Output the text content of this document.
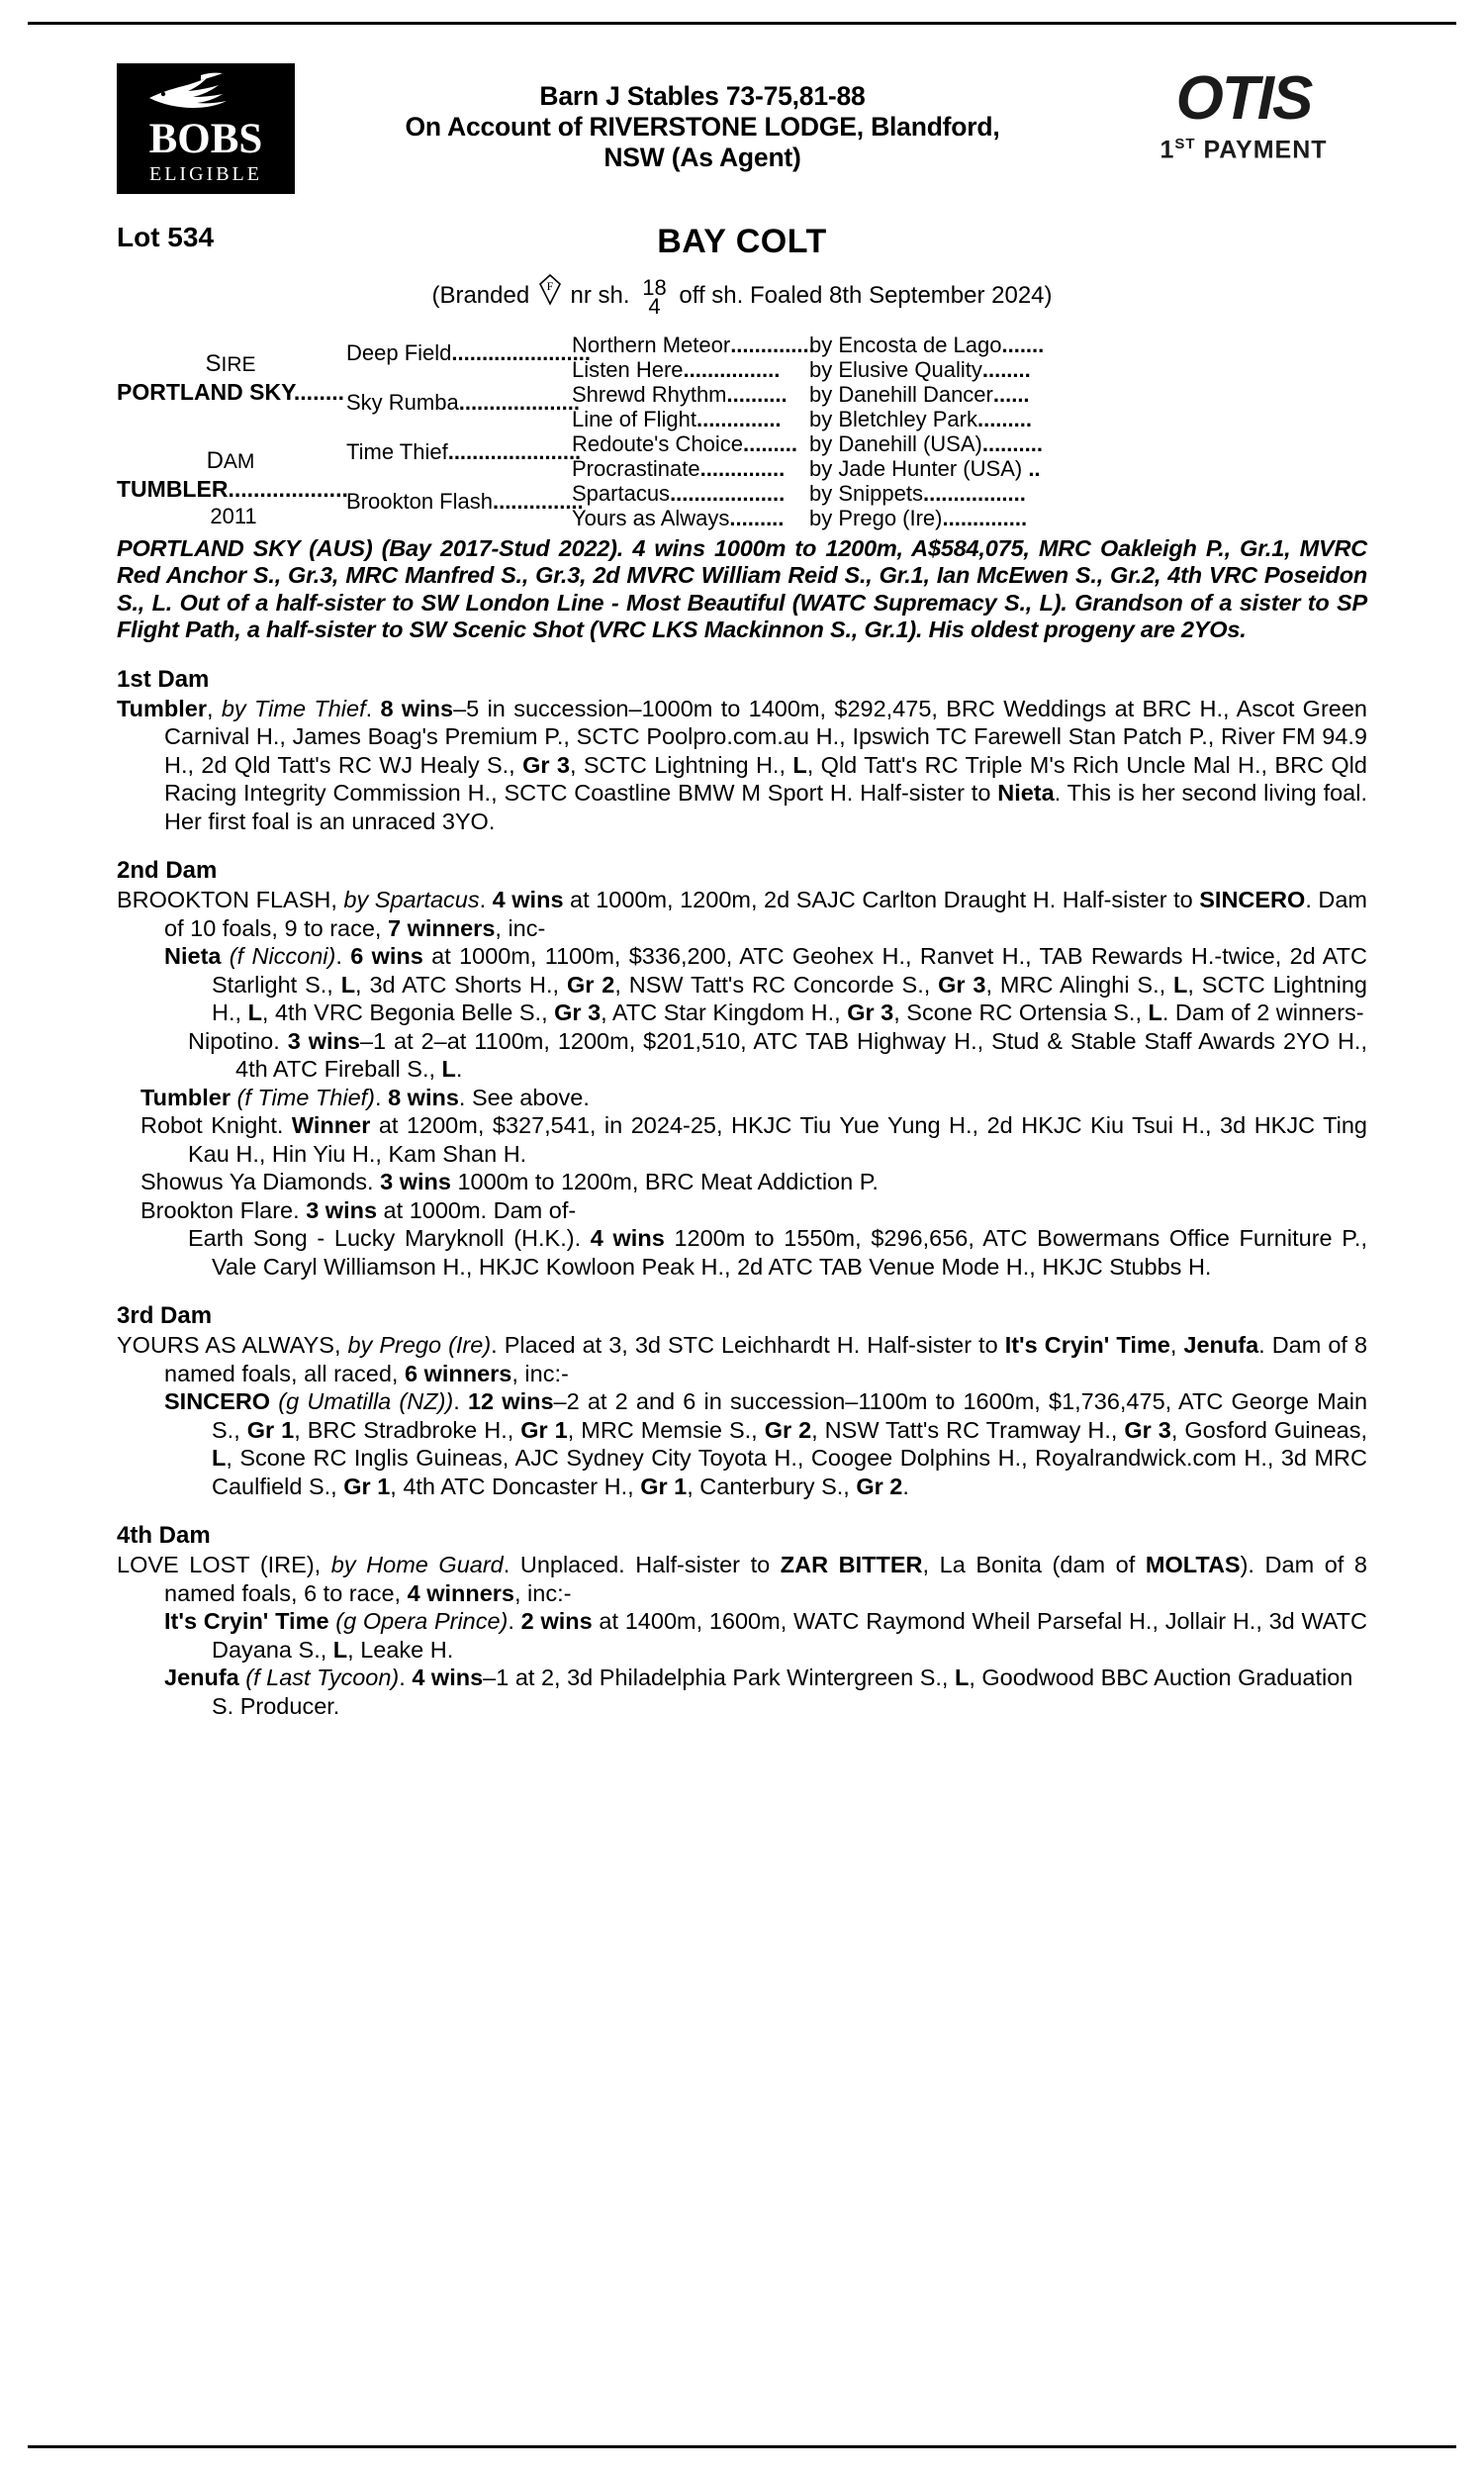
BOBS
ELIGIBLE
Barn J Stables 73-75,81-88
On Account of RIVERSTONE LODGE, Blandford,
NSW (As Agent)
OTIS
1ST PAYMENT
Lot 534	BAY COLT
(Branded F nr sh. 18
4 off sh. Foaled 8th September 2024)
SIRE
PORTLAND SKY........
DAM
TUMBLER...................
2011
Deep Field.......................
Sky Rumba....................
Time Thief......................
Brookton Flash...............
Northern Meteor..............
Listen Here................
Shrewd Rhythm..........
Line of Flight..............
Redoute's Choice.........
Procrastinate..............
Spartacus...................
Yours as Always.........
by Encosta de Lago.......
by Elusive Quality........
by Danehill Dancer......
by Bletchley Park.........
by Danehill (USA)..........
by Jade Hunter (USA) ..
by Snippets.................
by Prego (Ire)..............
PORTLAND SKY (AUS) (Bay 2017-Stud 2022). 4 wins 1000m to 1200m, A$584,075, MRC Oakleigh P., Gr.1, MVRC Red Anchor S., Gr.3, MRC Manfred S., Gr.3, 2d MVRC William Reid S., Gr.1, Ian McEwen S., Gr.2, 4th VRC Poseidon S., L. Out of a half-sister to SW London Line - Most Beautiful (WATC Supremacy S., L). Grandson of a sister to SP Flight Path, a half-sister to SW Scenic Shot (VRC LKS Mackinnon S., Gr.1). His oldest progeny are 2YOs.
1st Dam
Tumbler, by Time Thief. 8 wins–5 in succession–1000m to 1400m, $292,475, BRC Weddings at BRC H., Ascot Green Carnival H., James Boag's Premium P., SCTC Poolpro.com.au H., Ipswich TC Farewell Stan Patch P., River FM 94.9 H., 2d Qld Tatt's RC WJ Healy S., Gr 3, SCTC Lightning H., L, Qld Tatt's RC Triple M's Rich Uncle Mal H., BRC Qld Racing Integrity Commission H., SCTC Coastline BMW M Sport H. Half-sister to Nieta. This is her second living foal. Her first foal is an unraced 3YO.
2nd Dam
BROOKTON FLASH, by Spartacus. 4 wins at 1000m, 1200m, 2d SAJC Carlton Draught H. Half-sister to SINCERO. Dam of 10 foals, 9 to race, 7 winners, inc-
Nieta (f Nicconi). 6 wins at 1000m, 1100m, $336,200, ATC Geohex H., Ranvet H., TAB Rewards H.-twice, 2d ATC Starlight S., L, 3d ATC Shorts H., Gr 2, NSW Tatt's RC Concorde S., Gr 3, MRC Alinghi S., L, SCTC Lightning H., L, 4th VRC Begonia Belle S., Gr 3, ATC Star Kingdom H., Gr 3, Scone RC Ortensia S., L. Dam of 2 winners-
Nipotino. 3 wins–1 at 2–at 1100m, 1200m, $201,510, ATC TAB Highway H., Stud & Stable Staff Awards 2YO H., 4th ATC Fireball S., L.
Tumbler (f Time Thief). 8 wins. See above.
Robot Knight. Winner at 1200m, $327,541, in 2024-25, HKJC Tiu Yue Yung H., 2d HKJC Kiu Tsui H., 3d HKJC Ting Kau H., Hin Yiu H., Kam Shan H.
Showus Ya Diamonds. 3 wins 1000m to 1200m, BRC Meat Addiction P.
Brookton Flare. 3 wins at 1000m. Dam of-
Earth Song - Lucky Maryknoll (H.K.). 4 wins 1200m to 1550m, $296,656, ATC Bowermans Office Furniture P., Vale Caryl Williamson H., HKJC Kowloon Peak H., 2d ATC TAB Venue Mode H., HKJC Stubbs H.
3rd Dam
YOURS AS ALWAYS, by Prego (Ire). Placed at 3, 3d STC Leichhardt H. Half-sister to It's Cryin' Time, Jenufa. Dam of 8 named foals, all raced, 6 winners, inc:-
SINCERO (g Umatilla (NZ)). 12 wins–2 at 2 and 6 in succession–1100m to 1600m, $1,736,475, ATC George Main S., Gr 1, BRC Stradbroke H., Gr 1, MRC Memsie S., Gr 2, NSW Tatt's RC Tramway H., Gr 3, Gosford Guineas, L, Scone RC Inglis Guineas, AJC Sydney City Toyota H., Coogee Dolphins H., Royalrandwick.com H., 3d MRC Caulfield S., Gr 1, 4th ATC Doncaster H., Gr 1, Canterbury S., Gr 2.
4th Dam
LOVE LOST (IRE), by Home Guard. Unplaced. Half-sister to ZAR BITTER, La Bonita (dam of MOLTAS). Dam of 8 named foals, 6 to race, 4 winners, inc:-
It's Cryin' Time (g Opera Prince). 2 wins at 1400m, 1600m, WATC Raymond Wheil Parsefal H., Jollair H., 3d WATC Dayana S., L, Leake H.
Jenufa (f Last Tycoon). 4 wins–1 at 2, 3d Philadelphia Park Wintergreen S., L, Goodwood BBC Auction Graduation S. Producer.
